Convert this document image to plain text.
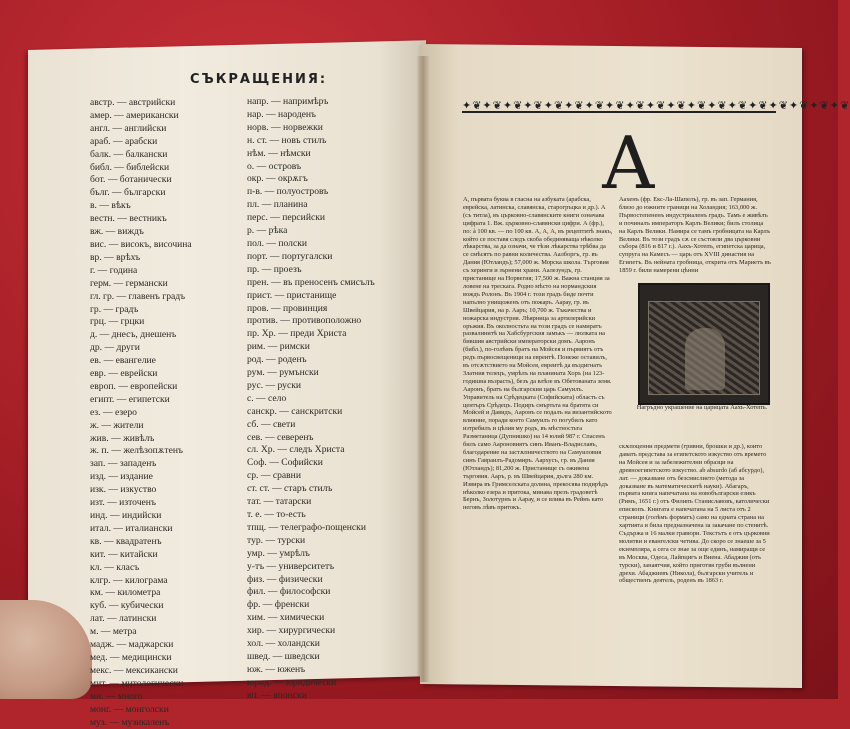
СЪКРАЩЕНИЯ:
австр. — австрийски
амер. — американски
англ. — английски
араб. — арабски
балк. — балкански
библ. — библейски
бот. — ботанически
бълг. — български
в. — вѣкъ
вестн. — вестникъ
вж. — виждъ
вис. — високъ, височина
вр. — врѣхъ
г. — година
герм. — германски
гл. гр. — главенъ градъ
гр. — градъ
грц. — грцки
д. — днесъ, днешенъ
др. — други
ев. — евангелие
евр. — еврейски
европ. — европейски
египт. — египетски
ез. — езеро
ж. — жители
жив. — живѣлъ
ж. п. — желѣзопѫтенъ
зап. — западенъ
изд. — издание
изк. — изкуство
изт. — източенъ
инд. — индийски
итал. — италиански
кв. — квадратенъ
кит. — китайски
кл. — класъ
клгр. — килограма
км. — километра
куб. — кубически
лат. — латински
м. — метра
мадж. — маджарски
мед. — медицински
мекс. — мексикански
мит. — митологически
мн. — много
монг. — монголски
муз. — музикаленъ
напр. — напримѣръ
нар. — народенъ
норв. — норвежки
н. ст. — новъ стилъ
нѣм. — нѣмски
о. — островъ
окр. — окрѫгъ
п-в. — полуостровъ
пл. — планина
перс. — персийски
р. — рѣка
пол. — полски
порт. — португалски
пр. — проезъ
прен. — въ преносенъ смисълъ
прист. — пристанище
пров. — провинция
против. — противоположно
пр. Хр. — преди Христа
рим. — римски
род. — роденъ
рум. — румънски
рус. — руски
с. — село
санскр. — санскритски
сб. — свети
сев. — северенъ
сл. Хр. — следъ Христа
Соф. — Софийски
ср. — сравни
ст. ст. — старъ стилъ
тат. — татарски
т. е. — то-есть
тпщ. — телеграфо-пощенски
тур. — турски
умр. — умрѣлъ
у-тъ — университетъ
физ. — физически
фил. — философски
фр. — френски
хим. — химически
хир. — хирургически
хол. — холандски
швед. — шведски
юж. — юженъ
юрид. — юридически
яп. — японски
✦❦✦❦✦❦✦❦✦❦✦❦✦❦✦❦✦❦✦❦✦❦✦❦✦❦✦❦✦❦✦❦✦❦✦❦✦❦
А
А, първата буква в гласна на азбуката (арабска, еврейска, латинска, славянска, старогръцка и др.). А (съ титла), въ църковно-славянските книги означава цифрата 1. Вж. църковно-славянски цифри. А (фр.), по: à 100 кв. — по 100 кв. А, А, А, въ рецептитѣ знакъ, който се поставя следъ скоба обединяваща нѣколко лѣкарства, за да означи, че тѣзи лѣкарства трѣбва да се смѣсятъ по равни количества. Аалборгъ, гр. въ Дания (Ютландъ); 57,000 ж. Морска школа. Търговия съ херинги и зърнени храни. Аалезундъ, гр. пристанище на Норвегия; 17,500 ж. Важна станция за ловене на трескага. Родно мѣсто на нормандския вождъ Ролонъ. Въ 1904 г. този градъ биде почти напълно унищоженъ отъ пожаръ. Аарау, гр. въ Швейцария, на р. Ааръ; 10,700 ж. Тъкачества и ножарска индустрия. Лѣярница за артилерийски оръжия. Въ околностьта на този градъ се намиратъ развалинитѣ на Хабсбургския замъкъ — люлката на бившия австрийски императорски домъ. Ааронъ (библ.), по-голѣмъ братъ на Мойсея и първиятъ отъ редъ първосвещеници на евреитѣ. Понеже оставилъ, въ отсѫтствието на Мойсея, евреитѣ да въздигнатъ Златния телецъ, умрѣлъ на планината Хоръ (на 123-годишна възрасть), безъ да влѣзе въ Обетованата земя. Ааронъ, братъ на българския царь Самуилъ. Управитель на Срѣдецката (Софийската) область съ центъръ Срѣдецъ. Подиръ смъртьта на братята си Мойсей и Давидъ, Ааронъ се подалъ на византийското влияние, поради което Самуилъ го погубилъ като изтребилъ и цѣлия му родъ, въ мѣстностьта Разметаница (Дупнишко) на 14 юлий 987 г. Спасенъ билъ само Аароновиятъ синъ Иванъ-Владиславъ, благодарение на застѫпничеството на Самуиловия синъ Гавраилъ-Радомиръ. Аархусъ, гр. въ Дания (Ютландъ); 81,200 ж. Пристанище съ оживена търговия. Ааръ, р. въ Швейцария, дълга 280 км. Извира въ Гримселската долина, прекосява подирѣдъ нѣколко езера и притока, минава презъ градоветѣ Бернъ, Золотурнъ и Аарау, и се влива въ Рейнъ като неговъ лѣвъ притокъ.
Аахенъ (фр. Екс-Ла-Шапелъ), гр. въ зап. Германия, близо до южните граници на Холандия; 163,000 ж. Първостепененъ индустриаленъ градъ. Тамъ е живѣлъ и починалъ императоръ Карлъ Велики; билъ столица на Карлъ Велики. Намира се тамъ гробницата на Карлъ Велики. Въ този градъ сѫ се състояли два църковни събора (816 и 817 г.). Аахъ-Хотепъ, египетска царица, супруга на Камесъ — царь отъ XVIII династия на Египетъ. Въ нейната гробница, открита отъ Мариетъ въ 1859 г. били намерени цѣнни
Нагръдно украшение на царицата Аахъ-Хотепъ.
скѫпоценни предмети (гривни, брошки и др.), които даватъ представа за египетското изкуство отъ времето на Мойсея и за забележителни образци на древноегипетското изкуство. ab absurdo (аб абсурдо), лат. — доказване отъ безсмислието (метода за доказване въ математическитѣ науки). Абагаръ, първата книга напечатана на новобългарски езикъ (Римъ, 1651 г.) отъ Филипъ Станиславовъ, католически епископъ. Книгата е напечатана на 5 листа отъ 2 страници (голѣмъ форматъ) само на едната страна на хартията и била предназначена за закачане по стенитѣ. Съдържа и 16 малки гравюри. Текстътъ е отъ църковни молитви и евангелски четива. До скоро се знаеше за 5 екземпляра, а сега се знае за още единъ, намиращи се въ Москва, Одеса, Лайпцигъ и Виена. Абаджия (отъ турски), занаятчия, който приготвя груби вълнени дрехи. Абаджиевъ (Никола), български учитель и общественъ деятель, роденъ въ 1863 г.
